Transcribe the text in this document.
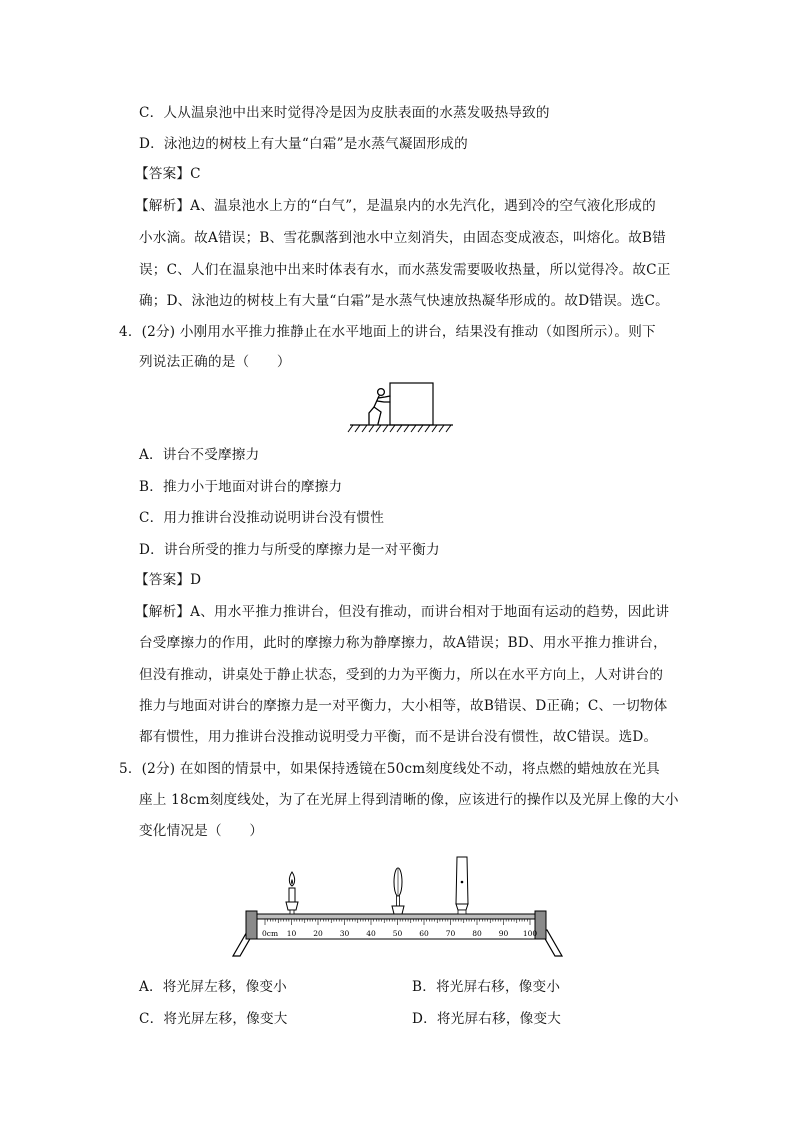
C．人从温泉池中出来时觉得冷是因为皮肤表面的水蒸发吸热导致的
D．泳池边的树枝上有大量“白霜”是水蒸气凝固形成的
【答案】C
【解析】A、温泉池水上方的“白气”，是温泉内的水先汽化，遇到冷的空气液化形成的
小水滴。故A错误；B、雪花飘落到池水中立刻消失，由固态变成液态，叫熔化。故B错
误；C、人们在温泉池中出来时体表有水，而水蒸发需要吸收热量，所以觉得冷。故C正
确；D、泳池边的树枝上有大量“白霜”是水蒸气快速放热凝华形成的。故D错误。选C。
4．(2分) 小刚用水平推力推静止在水平地面上的讲台，结果没有推动（如图所示）。则下
列说法正确的是（　　）
A．讲台不受摩擦力
B．推力小于地面对讲台的摩擦力
C．用力推讲台没推动说明讲台没有惯性
D．讲台所受的推力与所受的摩擦力是一对平衡力
【答案】D
【解析】A、用水平推力推讲台，但没有推动，而讲台相对于地面有运动的趋势，因此讲
台受摩擦力的作用，此时的摩擦力称为静摩擦力，故A错误；BD、用水平推力推讲台，
但没有推动，讲桌处于静止状态，受到的力为平衡力，所以在水平方向上，人对讲台的
推力与地面对讲台的摩擦力是一对平衡力，大小相等，故B错误、D正确；C、一切物体
都有惯性，用力推讲台没推动说明受力平衡，而不是讲台没有惯性，故C错误。选D。
5．(2分) 在如图的情景中，如果保持透镜在50cm刻度线处不动，将点燃的蜡烛放在光具
座上 18cm刻度线处，为了在光屏上得到清晰的像，应该进行的操作以及光屏上像的大小
变化情况是（　　）
0cm 10 20 30 40 50 60 70 80 90 100
A．将光屏左移，像变小	B．将光屏右移，像变小
C．将光屏左移，像变大	D．将光屏右移，像变大
